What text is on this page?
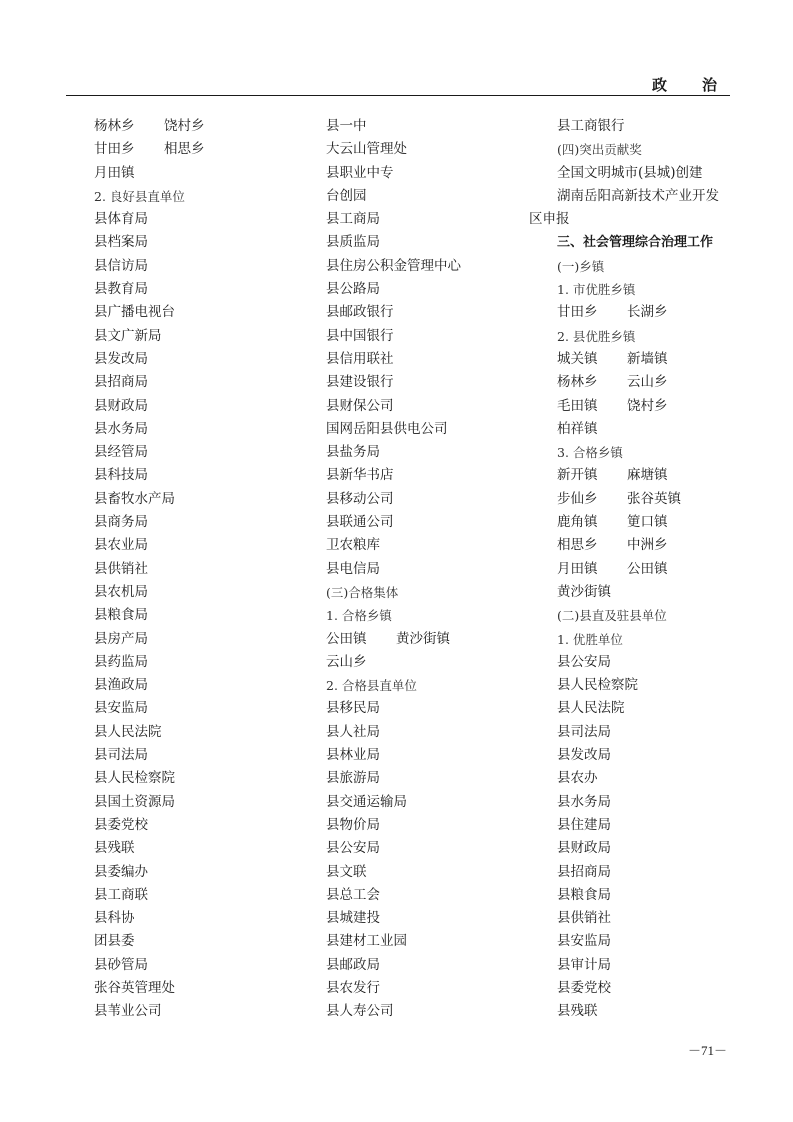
政　治
杨林乡 饶村乡
甘田乡 相思乡
月田镇
2. 良好县直单位
县体育局
县档案局
县信访局
县教育局
县广播电视台
县文广新局
县发改局
县招商局
县财政局
县水务局
县经管局
县科技局
县畜牧水产局
县商务局
县农业局
县供销社
县农机局
县粮食局
县房产局
县药监局
县渔政局
县安监局
县人民法院
县司法局
县人民检察院
县国土资源局
县委党校
县残联
县委编办
县工商联
县科协
团县委
县砂管局
张谷英管理处
县苇业公司
县一中
大云山管理处
县职业中专
台创园
县工商局
县质监局
县住房公积金管理中心
县公路局
县邮政银行
县中国银行
县信用联社
县建设银行
县财保公司
国网岳阳县供电公司
县盐务局
县新华书店
县移动公司
县联通公司
卫农粮库
县电信局
(三)合格集体
1. 合格乡镇
公田镇 黄沙街镇
云山乡
2. 合格县直单位
县移民局
县人社局
县林业局
县旅游局
县交通运输局
县物价局
县公安局
县文联
县总工会
县城建投
县建材工业园
县邮政局
县农发行
县人寿公司
县工商银行
(四)突出贡献奖
全国文明城市(县城)创建
湖南岳阳高新技术产业开发
区申报
三、社会管理综合治理工作
(一)乡镇
1. 市优胜乡镇
甘田乡 长湖乡
2. 县优胜乡镇
城关镇 新墙镇
杨林乡 云山乡
毛田镇 饶村乡
柏祥镇
3. 合格乡镇
新开镇 麻塘镇
步仙乡 张谷英镇
鹿角镇 筻口镇
相思乡 中洲乡
月田镇 公田镇
黄沙街镇
(二)县直及驻县单位
1. 优胜单位
县公安局
县人民检察院
县人民法院
县司法局
县发改局
县农办
县水务局
县住建局
县财政局
县招商局
县粮食局
县供销社
县安监局
县审计局
县委党校
县残联
－71－
